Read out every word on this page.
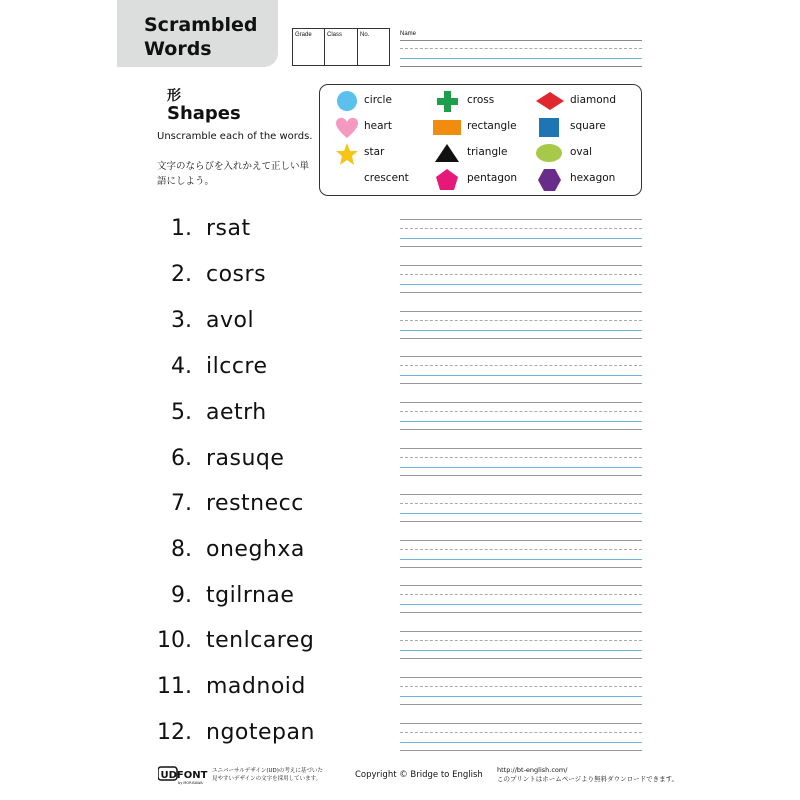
Scrambled
Words
Grade	Class	No.	Name
形
Shapes
Unscramble each of the words.
文字のならびを入れかえて正しい単語にしよう。
circle	cross	diamond
heart	rectangle	square
star	triangle	oval
crescent	pentagon	hexagon
1. rsat
2. cosrs
3. avol
4. ilccre
5. aetrh
6. rasuqe
7. restnecc
8. oneghxa
9. tgilrnae
10. tenlcareg
11. madnoid
12. ngotepan
UDFONT
by MORISAWA
ユニバーサルデザイン(UD)の考えに基づいた
見やすいデザインの文字を採用しています。	Copyright © Bridge to English http://bt-english.com/
このプリントはホームページより無料ダウンロードできます。
